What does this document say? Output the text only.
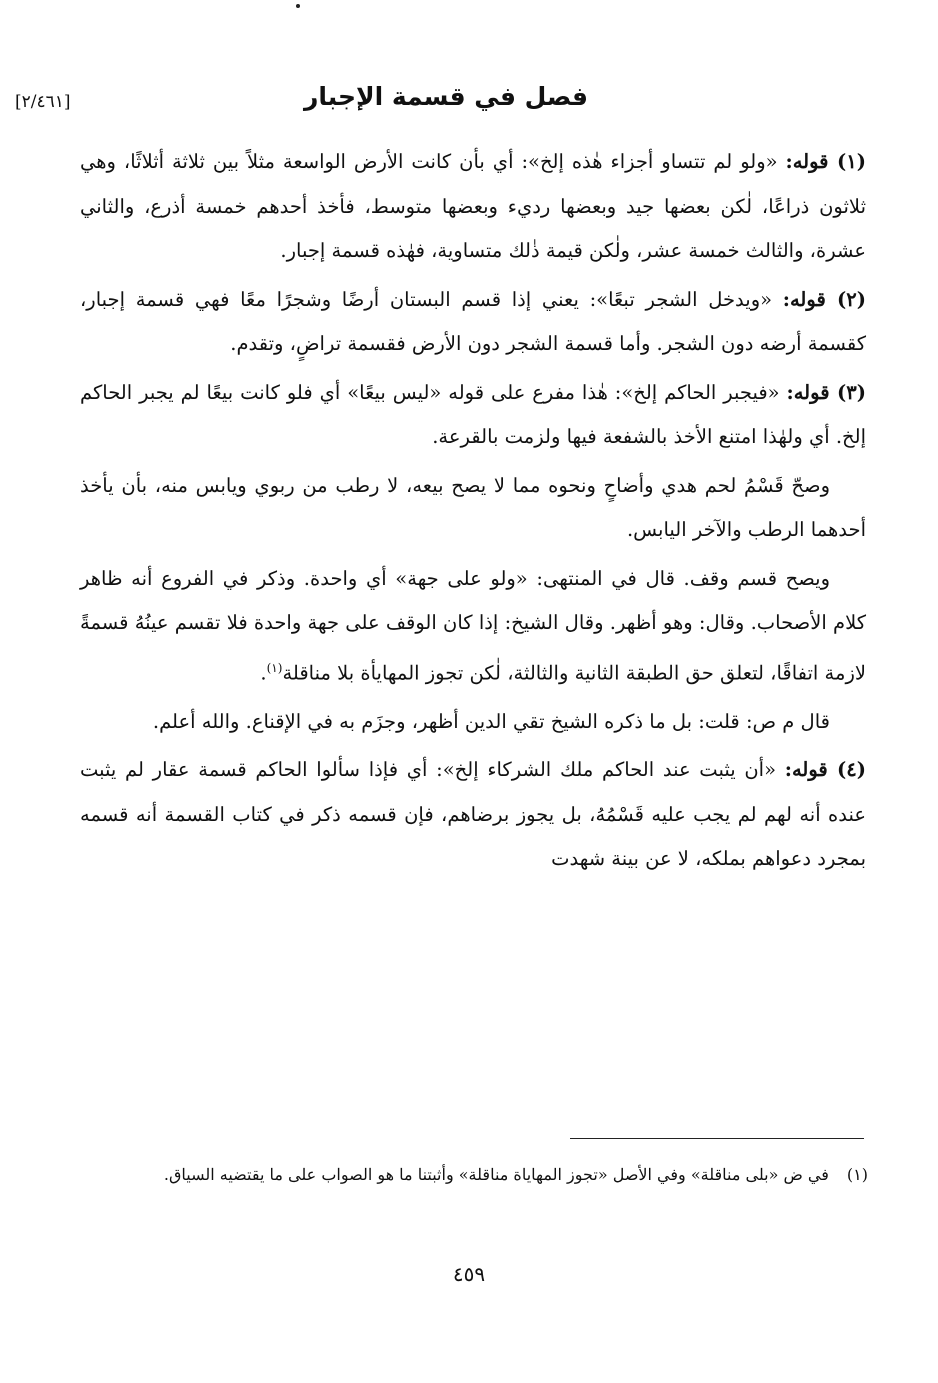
فصل في قسمة الإجبار
[٢/٤٦١]

(١) قوله: «ولو لم تتساو أجزاء هٰذه إلخ»: أي بأن كانت الأرض الواسعة مثلاً بين ثلاثة أثلاثًا، وهي ثلاثون ذراعًا، لٰكن بعضها جيد وبعضها رديء وبعضها متوسط، فأخذ أحدهم خمسة أذرع، والثاني عشرة، والثالث خمسة عشر، ولٰكن قيمة ذٰلك متساوية، فهٰذه قسمة إجبار.

(٢) قوله: «ويدخل الشجر تبعًا»: يعني إذا قسم البستان أرضًا وشجرًا معًا فهي قسمة إجبار، كقسمة أرضه دون الشجر. وأما قسمة الشجر دون الأرض فقسمة تراضٍ، وتقدم.

(٣) قوله: «فيجبر الحاكم إلخ»: هٰذا مفرع على قوله «ليس بيعًا» أي فلو كانت بيعًا لم يجبر الحاكم إلخ. أي ولهٰذا امتنع الأخذ بالشفعة فيها ولزمت بالقرعة.

وصحّ قَسْمُ لحم هدي وأضاحٍ ونحوه مما لا يصح بيعه، لا رطب من ربوي ويابس منه، بأن يأخذ أحدهما الرطب والآخر اليابس.

ويصح قسم وقف. قال في المنتهى: «ولو على جهة» أي واحدة. وذكر في الفروع أنه ظاهر كلام الأصحاب. وقال: وهو أظهر. وقال الشيخ: إذا كان الوقف على جهة واحدة فلا تقسم عينُهُ قسمةً لازمة اتفاقًا، لتعلق حق الطبقة الثانية والثالثة، لٰكن تجوز المهايأة بلا مناقلة$^{(١)}$.

قال م ص: قلت: بل ما ذكره الشيخ تقي الدين أظهر، وجزَم به في الإقناع. والله أعلم.

(٤) قوله: «أن يثبت عند الحاكم ملك الشركاء إلخ»: أي فإذا سألوا الحاكم قسمة عقار لم يثبت عنده أنه لهم لم يجب عليه قَسْمُهُ، بل يجوز برضاهم، فإن قسمه ذكر في كتاب القسمة أنه قسمه بمجرد دعواهم بملكه، لا عن بينة شهدت

(١)في ض «بلى مناقلة» وفي الأصل «تجوز المهاياة مناقلة» وأثبتنا ما هو الصواب على ما يقتضيه السياق.
٤٥٩
